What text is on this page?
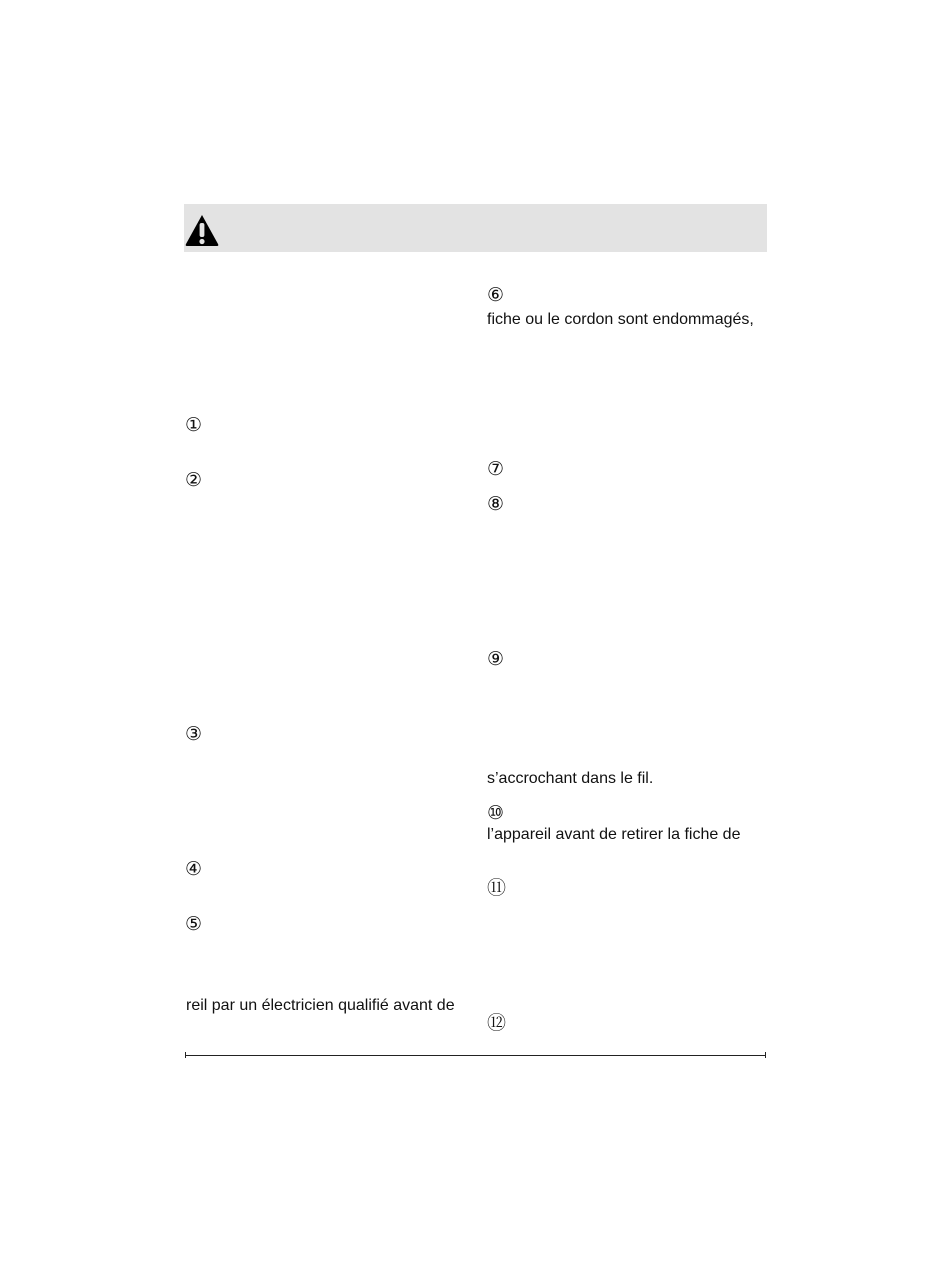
①
②
③
④
⑤
reil par un électricien qualifié avant de
⑥
fiche ou le cordon sont endommagés,
⑦
⑧
⑨
s’accrochant dans le fil.
⑩
l’appareil avant de retirer la fiche de
⑪
⑫
